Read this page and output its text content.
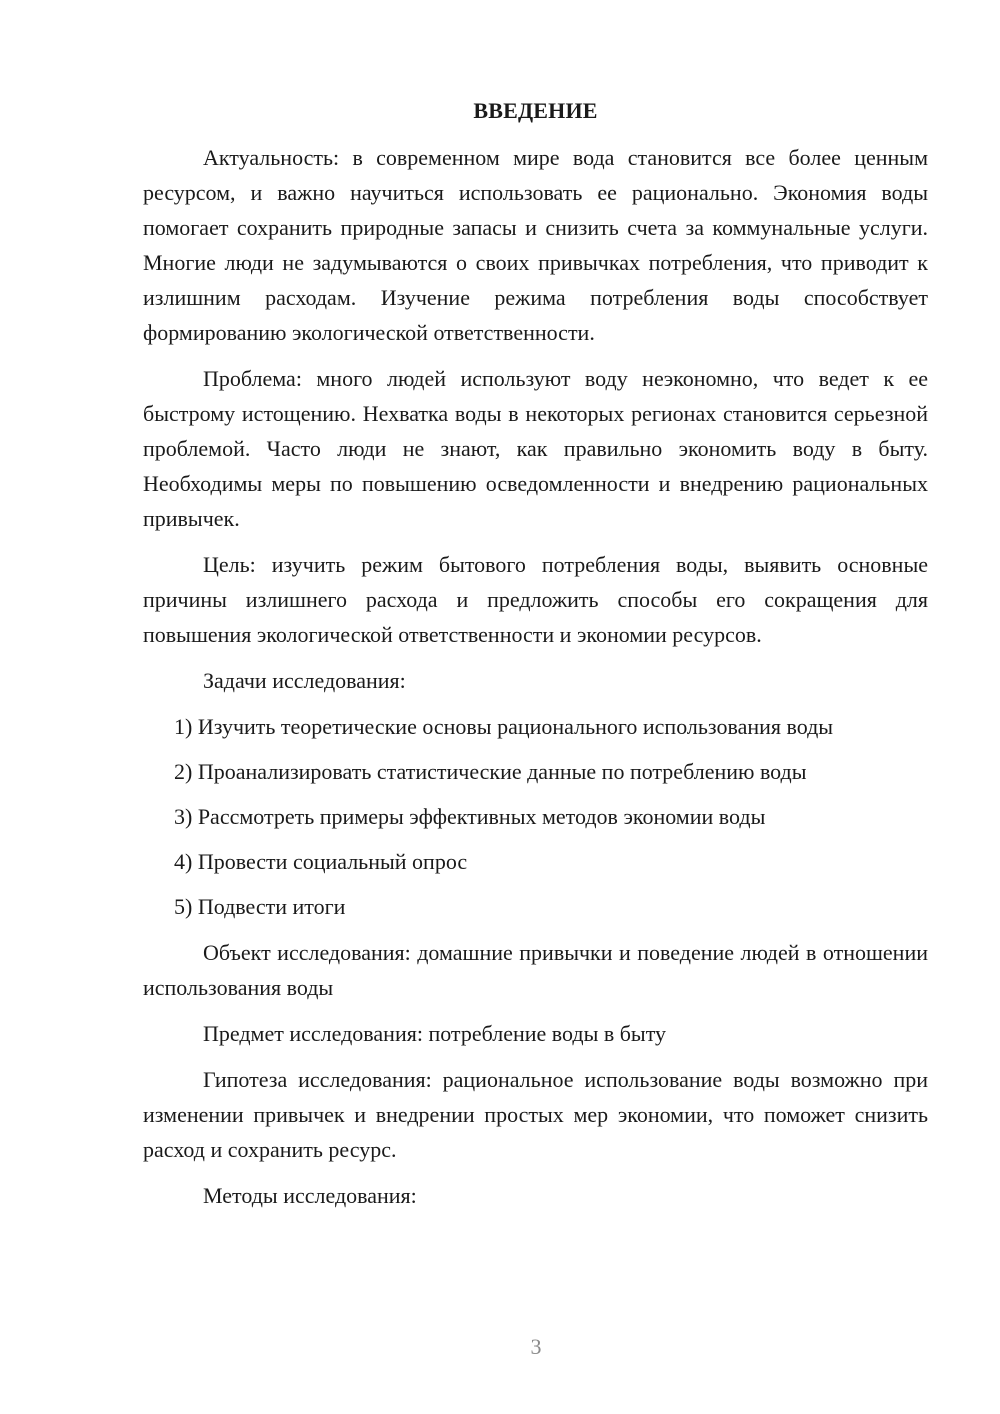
ВВЕДЕНИЕ

Актуальность: в современном мире вода становится все более ценным ресурсом, и важно научиться использовать ее рационально. Экономия воды помогает сохранить природные запасы и снизить счета за коммунальные услуги. Многие люди не задумываются о своих привычках потребления, что приводит к излишним расходам. Изучение режима потребления воды способствует формированию экологической ответственности.

Проблема: много людей используют воду неэкономно, что ведет к ее быстрому истощению. Нехватка воды в некоторых регионах становится серьезной проблемой. Часто люди не знают, как правильно экономить воду в быту. Необходимы меры по повышению осведомленности и внедрению рациональных привычек.

Цель: изучить режим бытового потребления воды, выявить основные причины излишнего расхода и предложить способы его сокращения для повышения экологической ответственности и экономии ресурсов.

Задачи исследования:

1) Изучить теоретические основы рационального использования воды
2) Проанализировать статистические данные по потреблению воды
3) Рассмотреть примеры эффективных методов экономии воды
4) Провести социальный опрос
5) Подвести итоги

Объект исследования: домашние привычки и поведение людей в отношении использования воды

Предмет исследования: потребление воды в быту

Гипотеза исследования: рациональное использование воды возможно при изменении привычек и внедрении простых мер экономии, что поможет снизить расход и сохранить ресурс.

Методы исследования:

3
